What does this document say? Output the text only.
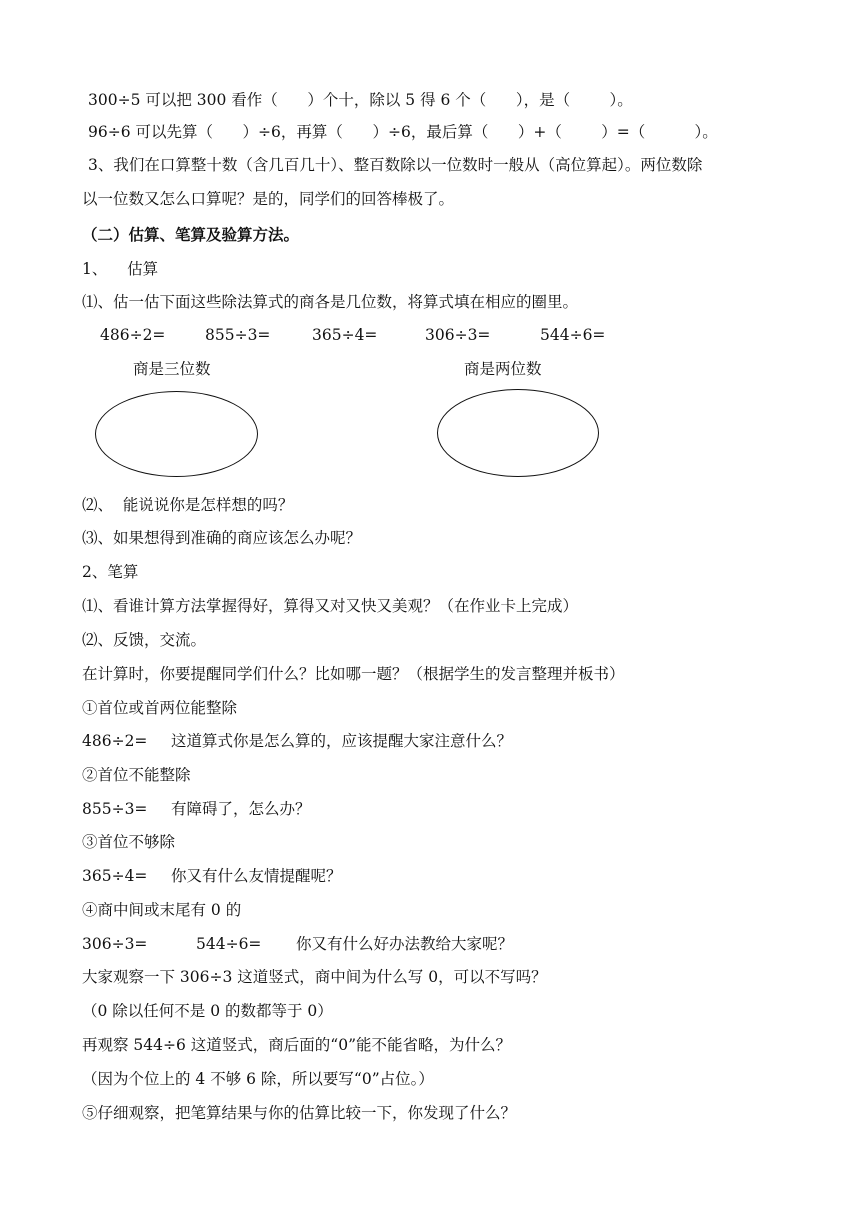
300÷5 可以把 300 看作（      ）个十，除以 5 得 6 个（      ），是（        ）。
96÷6 可以先算（      ）÷6，再算（      ）÷6，最后算（      ）+（        ）=（          ）。
3、我们在口算整十数（含几百几十）、整百数除以一位数时一般从（高位算起）。两位数除
以一位数又怎么口算呢？是的，同学们的回答棒极了。
（二）估算、笔算及验算方法。
1、    估算
⑴、估一估下面这些除法算式的商各是几位数，将算式填在相应的圈里。

486÷2=

	855÷3=

	365÷4=

	306÷3=

	544÷6=

商是三位数	商是两位数
⑵、  能说说你是怎样想的吗？
⑶、如果想得到准确的商应该怎么办呢？
2、笔算
⑴、看谁计算方法掌握得好，算得又对又快又美观？（在作业卡上完成）
⑵、反馈，交流。
在计算时，你要提醒同学们什么？比如哪一题？（根据学生的发言整理并板书）
①首位或首两位能整除

486÷2=

这道算式你是怎么算的，应该提醒大家注意什么？

②首位不能整除

855÷3=

有障碍了，怎么办？

③首位不够除

365÷4=

你又有什么友情提醒呢？

④商中间或末尾有 0 的

306÷3=

	544÷6=

你又有什么好办法教给大家呢？

大家观察一下 306÷3 这道竖式，商中间为什么写 0，可以不写吗？
（0 除以任何不是 0 的数都等于 0）
再观察 544÷6 这道竖式，商后面的“0”能不能省略，为什么？
（因为个位上的 4 不够 6 除，所以要写“0”占位。）
⑤仔细观察，把笔算结果与你的估算比较一下，你发现了什么？
